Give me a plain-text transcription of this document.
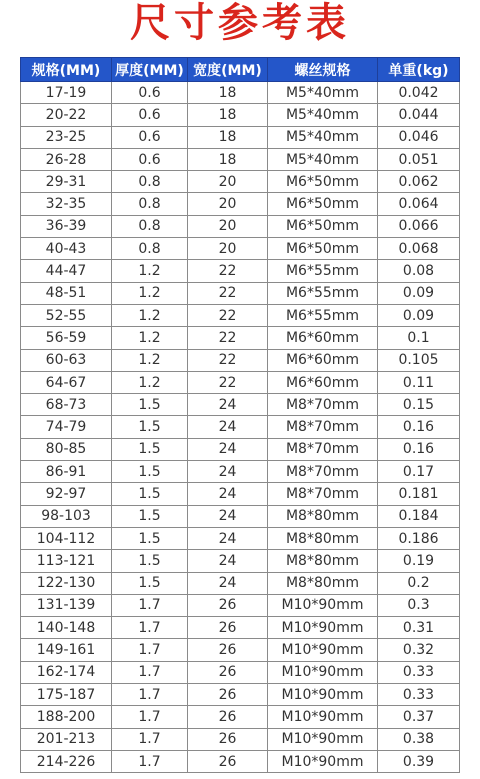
尺寸参考表
规格(MM)	厚度(MM)	宽度(MM)	螺丝规格	单重(kg)
17-19	0.6	18	M5*40mm	0.042
20-22	0.6	18	M5*40mm	0.044
23-25	0.6	18	M5*40mm	0.046
26-28	0.6	18	M5*40mm	0.051
29-31	0.8	20	M6*50mm	0.062
32-35	0.8	20	M6*50mm	0.064
36-39	0.8	20	M6*50mm	0.066
40-43	0.8	20	M6*50mm	0.068
44-47	1.2	22	M6*55mm	0.08
48-51	1.2	22	M6*55mm	0.09
52-55	1.2	22	M6*55mm	0.09
56-59	1.2	22	M6*60mm	0.1
60-63	1.2	22	M6*60mm	0.105
64-67	1.2	22	M6*60mm	0.11
68-73	1.5	24	M8*70mm	0.15
74-79	1.5	24	M8*70mm	0.16
80-85	1.5	24	M8*70mm	0.16
86-91	1.5	24	M8*70mm	0.17
92-97	1.5	24	M8*70mm	0.181
98-103	1.5	24	M8*80mm	0.184
104-112	1.5	24	M8*80mm	0.186
113-121	1.5	24	M8*80mm	0.19
122-130	1.5	24	M8*80mm	0.2
131-139	1.7	26	M10*90mm	0.3
140-148	1.7	26	M10*90mm	0.31
149-161	1.7	26	M10*90mm	0.32
162-174	1.7	26	M10*90mm	0.33
175-187	1.7	26	M10*90mm	0.33
188-200	1.7	26	M10*90mm	0.37
201-213	1.7	26	M10*90mm	0.38
214-226	1.7	26	M10*90mm	0.39
